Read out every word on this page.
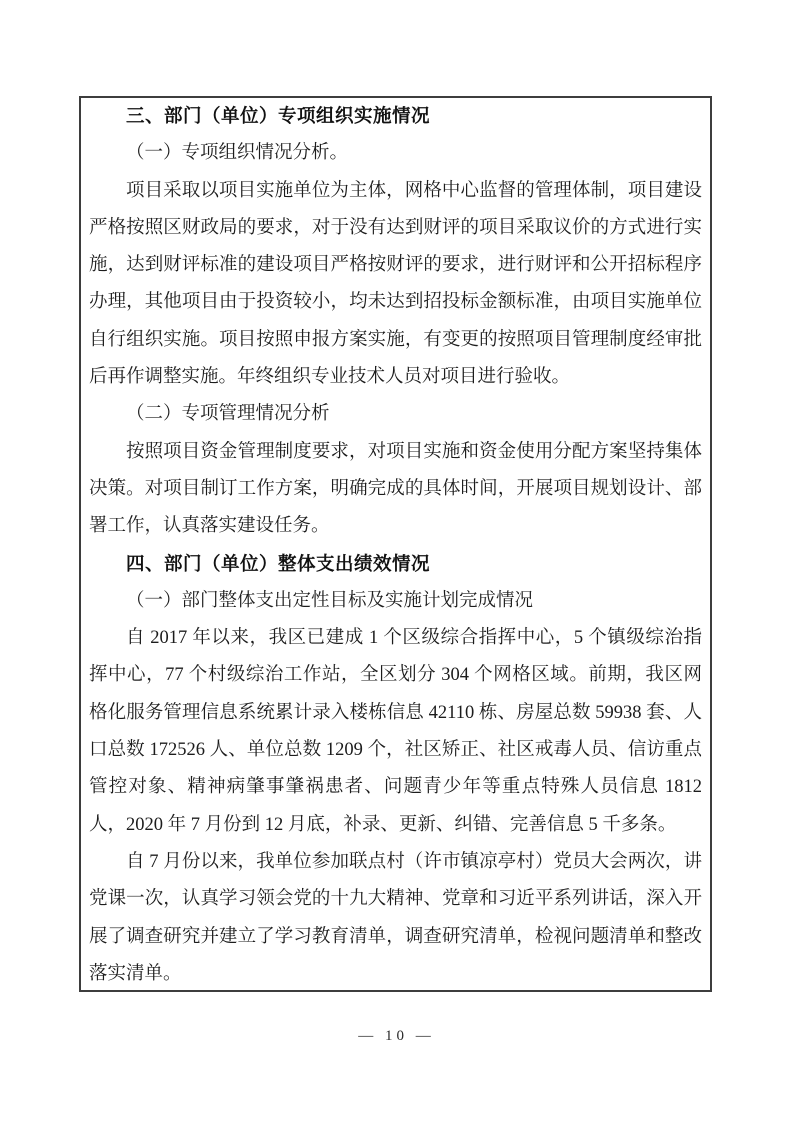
三、部门（单位）专项组织实施情况

（一）专项组织情况分析。

项目采取以项目实施单位为主体，网格中心监督的管理体制，项目建设严格按照区财政局的要求，对于没有达到财评的项目采取议价的方式进行实施，达到财评标准的建设项目严格按财评的要求，进行财评和公开招标程序办理，其他项目由于投资较小，均未达到招投标金额标准，由项目实施单位自行组织实施。项目按照申报方案实施，有变更的按照项目管理制度经审批后再作调整实施。年终组织专业技术人员对项目进行验收。

（二）专项管理情况分析

按照项目资金管理制度要求，对项目实施和资金使用分配方案坚持集体决策。对项目制订工作方案，明确完成的具体时间，开展项目规划设计、部署工作，认真落实建设任务。

四、部门（单位）整体支出绩效情况

（一）部门整体支出定性目标及实施计划完成情况

自 2017 年以来，我区已建成 1 个区级综合指挥中心，5 个镇级综治指挥中心，77 个村级综治工作站，全区划分 304 个网格区域。前期，我区网格化服务管理信息系统累计录入楼栋信息 42110 栋、房屋总数 59938 套、人口总数 172526 人、单位总数 1209 个，社区矫正、社区戒毒人员、信访重点管控对象、精神病肇事肇祸患者、问题青少年等重点特殊人员信息 1812 人，2020 年 7 月份到 12 月底，补录、更新、纠错、完善信息 5 千多条。

自 7 月份以来，我单位参加联点村（许市镇凉亭村）党员大会两次，讲党课一次，认真学习领会党的十九大精神、党章和习近平系列讲话，深入开展了调查研究并建立了学习教育清单，调查研究清单，检视问题清单和整改落实清单。

— 10 —
